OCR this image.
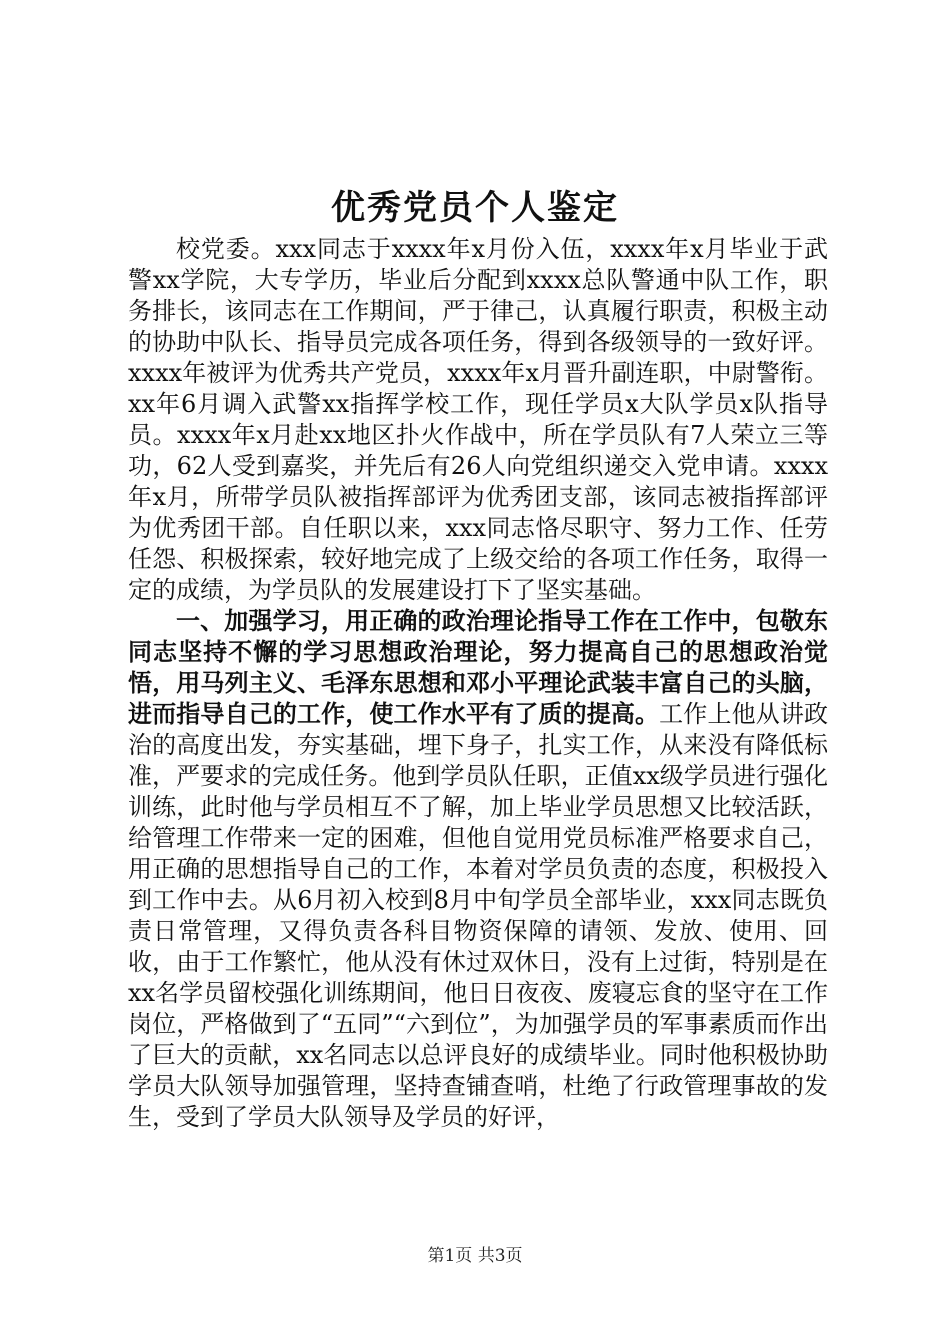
优秀党员个人鉴定

校党委。xxx同志于xxxx年x月份入伍，xxxx年x月毕业于武警xx学院，大专学历，毕业后分配到xxxx总队警通中队工作，职务排长，该同志在工作期间，严于律己，认真履行职责，积极主动的协助中队长、指导员完成各项任务，得到各级领导的一致好评。xxxx年被评为优秀共产党员，xxxx年x月晋升副连职，中尉警衔。xx年6月调入武警xx指挥学校工作，现任学员x大队学员x队指导员。xxxx年x月赴xx地区扑火作战中，所在学员队有7人荣立三等功，62人受到嘉奖，并先后有26人向党组织递交入党申请。xxxx年x月，所带学员队被指挥部评为优秀团支部，该同志被指挥部评为优秀团干部。自任职以来，xxx同志恪尽职守、努力工作、任劳任怨、积极探索，较好地完成了上级交给的各项工作任务，取得一定的成绩，为学员队的发展建设打下了坚实基础。

一、加强学习，用正确的政治理论指导工作在工作中，包敬东同志坚持不懈的学习思想政治理论，努力提高自己的思想政治觉悟，用马列主义、毛泽东思想和邓小平理论武装丰富自己的头脑，进而指导自己的工作，使工作水平有了质的提高。工作上他从讲政治的高度出发，夯实基础，埋下身子，扎实工作，从来没有降低标准，严要求的完成任务。他到学员队任职，正值xx级学员进行强化训练，此时他与学员相互不了解，加上毕业学员思想又比较活跃，给管理工作带来一定的困难，但他自觉用党员标准严格要求自己，用正确的思想指导自己的工作，本着对学员负责的态度，积极投入到工作中去。从6月初入校到8月中旬学员全部毕业，xxx同志既负责日常管理，又得负责各科目物资保障的请领、发放、使用、回收，由于工作繁忙，他从没有休过双休日，没有上过街，特别是在xx名学员留校强化训练期间，他日日夜夜、废寝忘食的坚守在工作岗位，严格做到了“五同”“六到位”，为加强学员的军事素质而作出了巨大的贡献，xx名同志以总评良好的成绩毕业。同时他积极协助学员大队领导加强管理，坚持查铺查哨，杜绝了行政管理事故的发生，受到了学员大队领导及学员的好评，

第1页 共3页
